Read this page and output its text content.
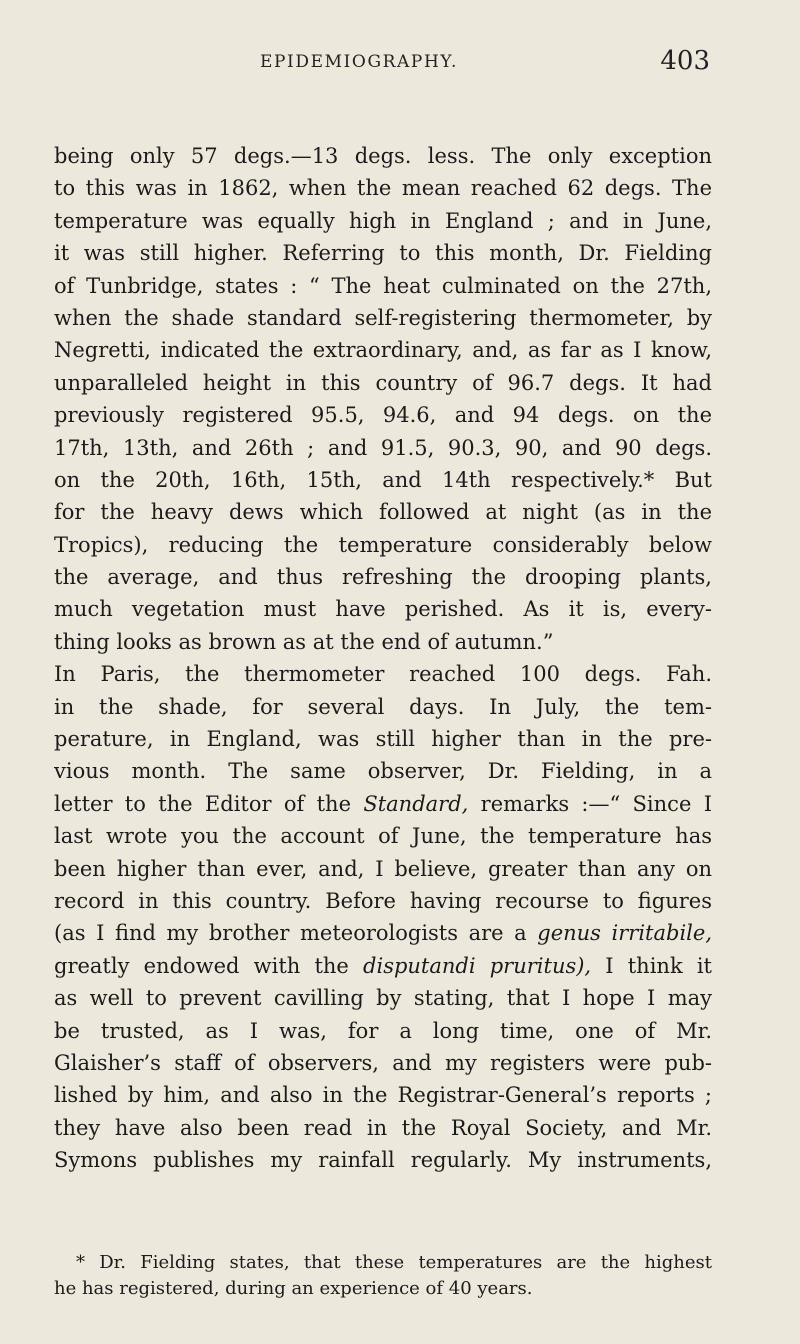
EPIDEMIOGRAPHY.	403
being only 57 degs.—13 degs. less. The only exception
to this was in 1862, when the mean reached 62 degs. The
temperature was equally high in England ; and in June,
it was still higher. Referring to this month, Dr. Fielding
of Tunbridge, states : “ The heat culminated on the 27th,
when the shade standard self-registering thermometer, by
Negretti, indicated the extraordinary, and, as far as I know,
unparalleled height in this country of 96.7 degs. It had
previously registered 95.5, 94.6, and 94 degs. on the
17th, 13th, and 26th ; and 91.5, 90.3, 90, and 90 degs.
on the 20th, 16th, 15th, and 14th respectively.* But
for the heavy dews which followed at night (as in the
Tropics), reducing the temperature considerably below
the average, and thus refreshing the drooping plants,
much vegetation must have perished. As it is, every-
thing looks as brown as at the end of autumn.”
In Paris, the thermometer reached 100 degs. Fah.
in the shade, for several days. In July, the tem-
perature, in England, was still higher than in the pre-
vious month. The same observer, Dr. Fielding, in a
letter to the Editor of the Standard, remarks :—“ Since I
last wrote you the account of June, the temperature has
been higher than ever, and, I believe, greater than any on
record in this country. Before having recourse to figures
(as I find my brother meteorologists are a genus irritabile,
greatly endowed with the disputandi pruritus), I think it
as well to prevent cavilling by stating, that I hope I may
be trusted, as I was, for a long time, one of Mr.
Glaisher’s staff of observers, and my registers were pub-
lished by him, and also in the Registrar-General’s reports ;
they have also been read in the Royal Society, and Mr.
Symons publishes my rainfall regularly. My instruments,
* Dr. Fielding states, that these temperatures are the highest
he has registered, during an experience of 40 years.
